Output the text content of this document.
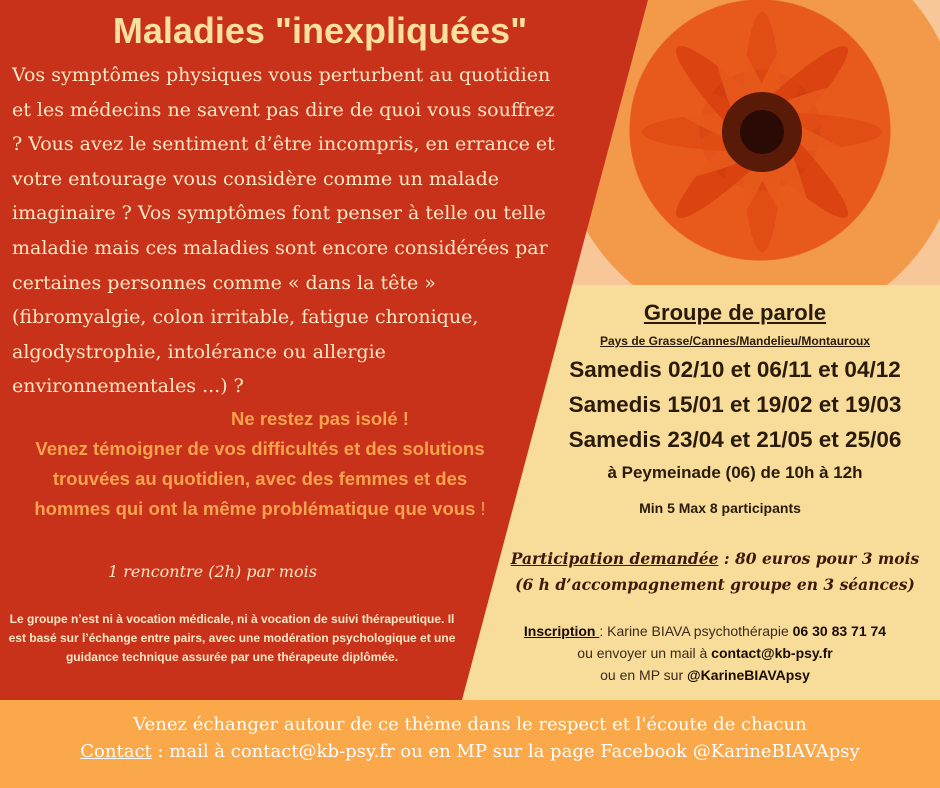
Maladies "inexpliquées"
Vos symptômes physiques vous perturbent au quotidien et les médecins ne savent pas dire de quoi vous souffrez ? Vous avez le sentiment d’être incompris, en errance et votre entourage vous considère comme un malade imaginaire ? Vos symptômes font penser à telle ou telle maladie mais ces maladies sont encore considérées par certaines personnes comme « dans la tête » (fibromyalgie, colon irritable, fatigue chronique, algodystrophie, intolérance ou allergie environnementales ...) ?
Ne restez pas isolé !
Venez témoigner de vos difficultés et des solutions trouvées au quotidien, avec des femmes et des hommes qui ont la même problématique que vous !
1 rencontre (2h) par mois
Le groupe n’est ni à vocation médicale, ni à vocation de suivi thérapeutique. Il est basé sur l’échange entre pairs, avec une modération psychologique et une guidance technique assurée par une thérapeute diplômée.
Groupe de parole
Pays de Grasse/Cannes/Mandelieu/Montauroux
Samedis 02/10 et 06/11 et 04/12
Samedis 15/01 et 19/02 et 19/03
Samedis 23/04 et 21/05 et 25/06
à Peymeinade (06) de 10h à 12h
Min 5 Max 8 participants
Participation demandée : 80 euros pour 3 mois
(6 h d’accompagnement groupe en 3 séances)
Inscription : Karine BIAVA psychothérapie 06 30 83 71 74
ou envoyer un mail à contact@kb-psy.fr
ou en MP sur @KarineBIAVApsy
Venez échanger autour de ce thème dans le respect et l'écoute de chacun
Contact : mail à contact@kb-psy.fr ou en MP sur la page Facebook @KarineBIAVApsy
